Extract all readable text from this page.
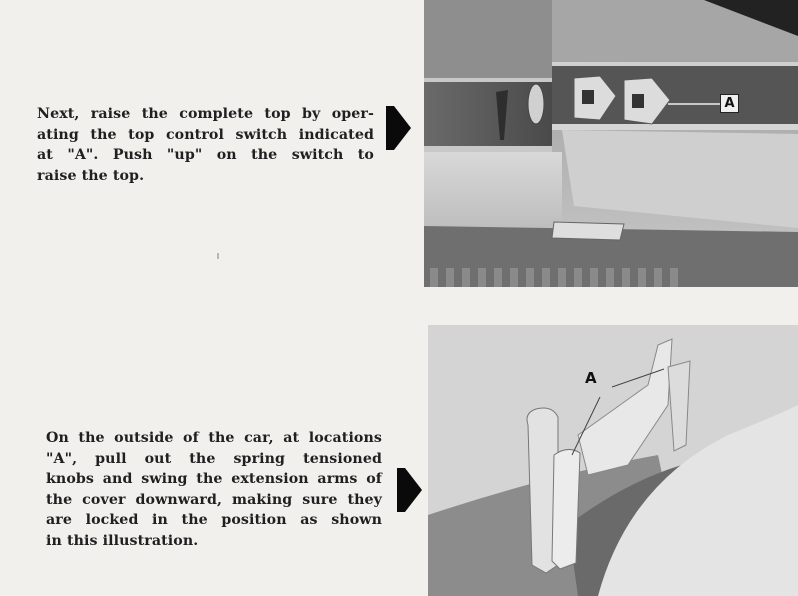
Next, raise the complete top by oper-
ating the top control switch indicated
at "A". Push "up" on the switch to
raise the top.

A

On the outside of the car, at locations
"A", pull out the spring tensioned
knobs and swing the extension arms of
the cover downward, making sure they
are locked in the position as shown
in this illustration.

A
